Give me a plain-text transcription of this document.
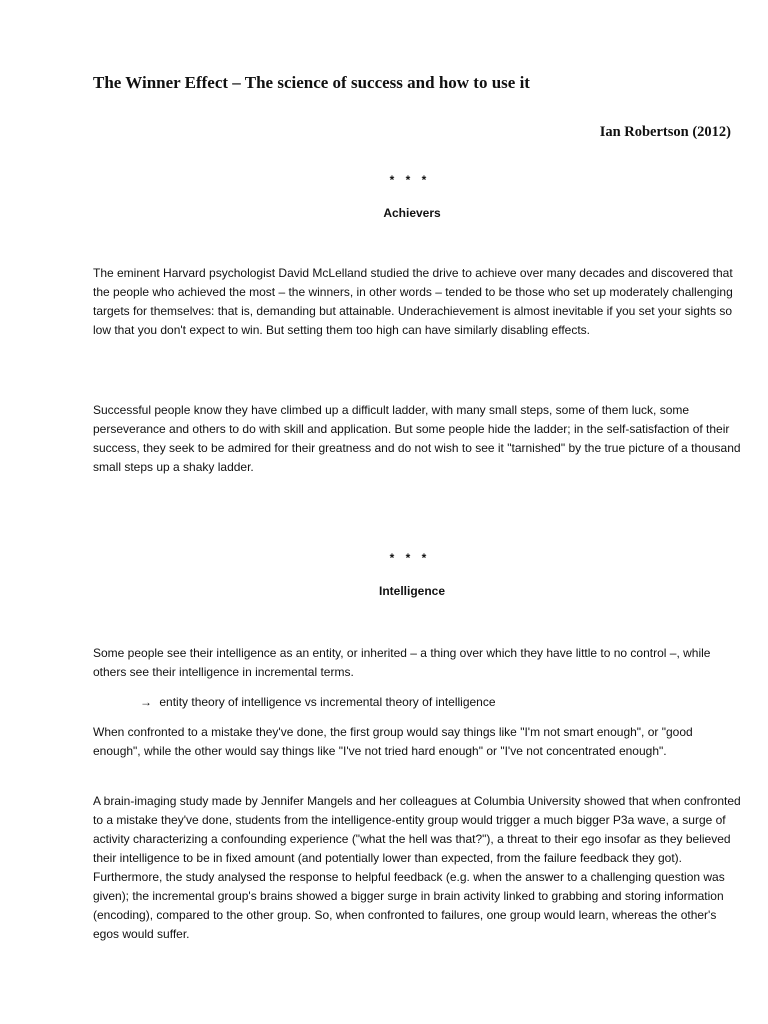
The Winner Effect – The science of success and how to use it
Ian Robertson (2012)
* * *
Achievers

The eminent Harvard psychologist David McLelland studied the drive to achieve over many decades and discovered that the people who achieved the most – the winners, in other words – tended to be those who set up moderately challenging targets for themselves: that is, demanding but attainable. Underachievement is almost inevitable if you set your sights so low that you don't expect to win. But setting them too high can have similarly disabling effects.

Successful people know they have climbed up a difficult ladder, with many small steps, some of them luck, some perseverance and others to do with skill and application. But some people hide the ladder; in the self-satisfaction of their success, they seek to be admired for their greatness and do not wish to see it "tarnished" by the true picture of a thousand small steps up a shaky ladder.

* * *
Intelligence

Some people see their intelligence as an entity, or inherited – a thing over which they have little to no control –, while others see their intelligence in incremental terms.

→ entity theory of intelligence vs incremental theory of intelligence

When confronted to a mistake they've done, the first group would say things like "I'm not smart enough", or "good enough", while the other would say things like "I've not tried hard enough" or "I've not concentrated enough".

A brain-imaging study made by Jennifer Mangels and her colleagues at Columbia University showed that when confronted to a mistake they've done, students from the intelligence-entity group would trigger a much bigger P3a wave, a surge of activity characterizing a confounding experience ("what the hell was that?"), a threat to their ego insofar as they believed their intelligence to be in fixed amount (and potentially lower than expected, from the failure feedback they got). Furthermore, the study analysed the response to helpful feedback (e.g. when the answer to a challenging question was given); the incremental group's brains showed a bigger surge in brain activity linked to grabbing and storing information (encoding), compared to the other group. So, when confronted to failures, one group would learn, whereas the other's egos would suffer.
